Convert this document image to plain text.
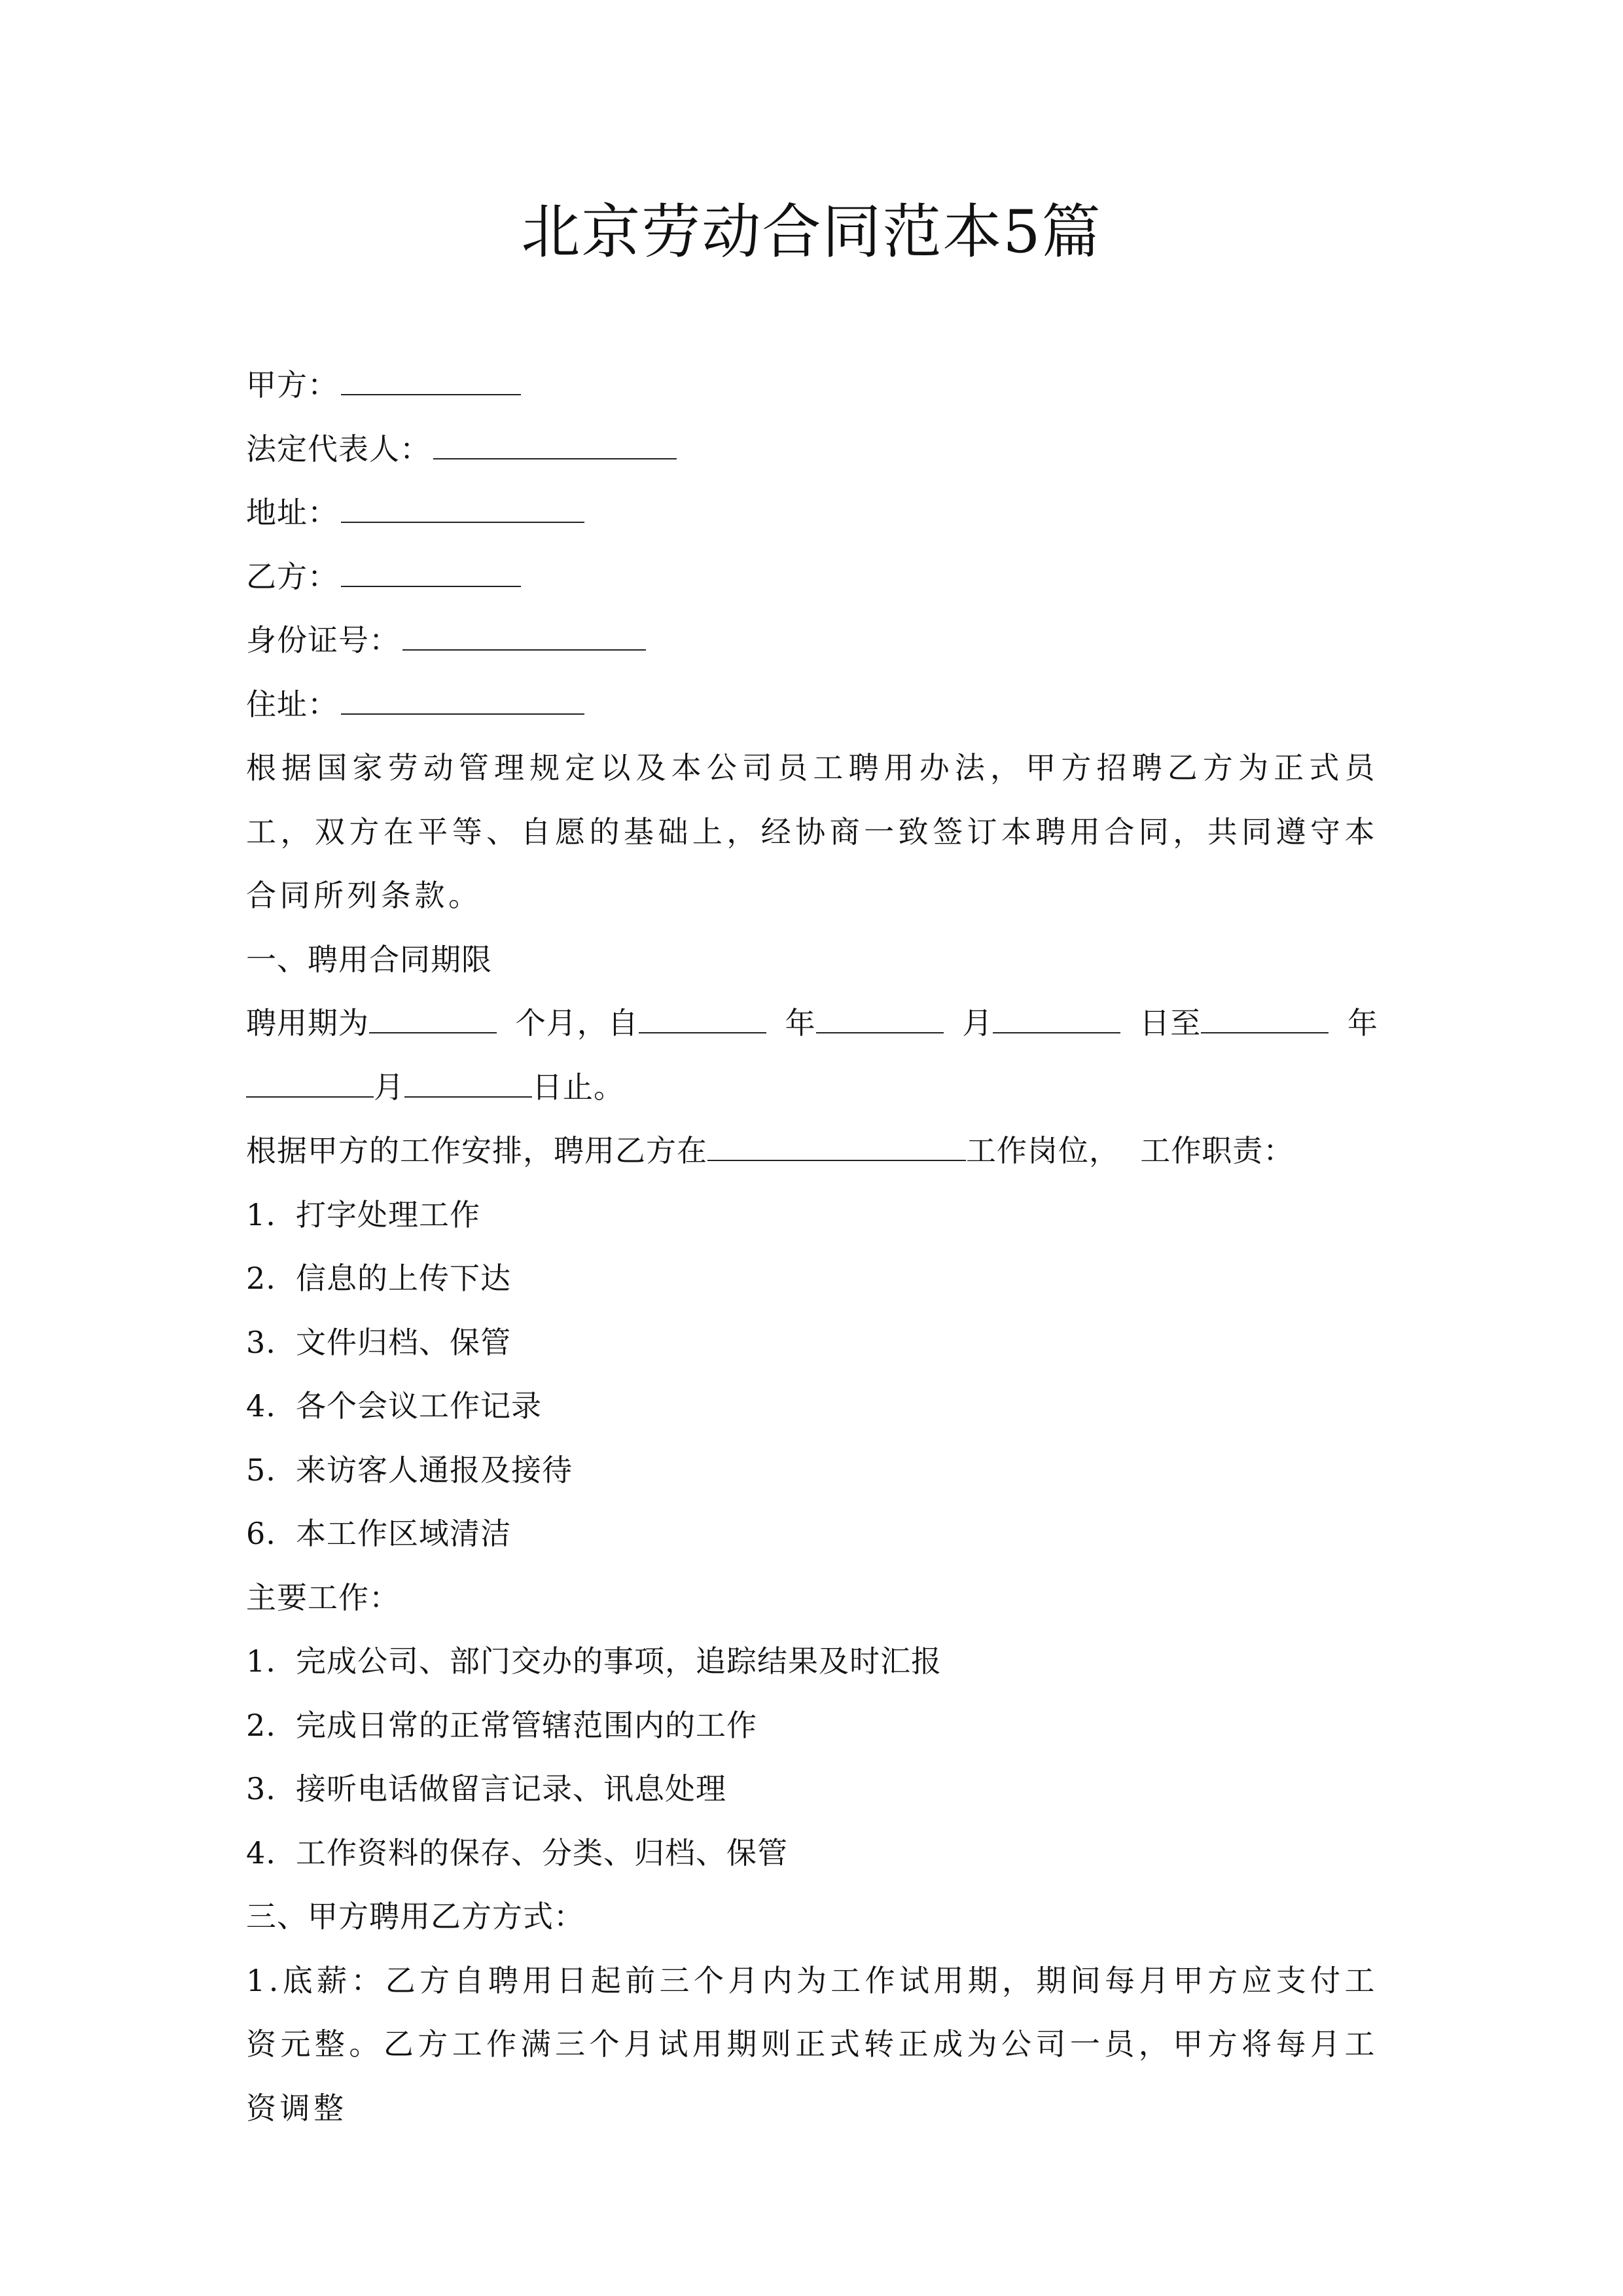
北京劳动合同范本5篇
甲方：
法定代表人：
地址：
乙方：
身份证号：
住址：
根据国家劳动管理规定以及本公司员工聘用办法，甲方招聘乙方为正式员工，双方在平等、自愿的基础上，经协商一致签订本聘用合同，共同遵守本合同所列条款。
一、聘用合同期限
聘用期为	个月，自	年	月	日至	年
月	日止。
根据甲方的工作安排，聘用乙方在	工作岗位， 工作职责：
1. 打字处理工作
2. 信息的上传下达
3. 文件归档、保管
4. 各个会议工作记录
5. 来访客人通报及接待
6. 本工作区域清洁
主要工作：
1. 完成公司、部门交办的事项，追踪结果及时汇报
2. 完成日常的正常管辖范围内的工作
3. 接听电话做留言记录、讯息处理
4. 工作资料的保存、分类、归档、保管
三、甲方聘用乙方方式：
1.底薪：乙方自聘用日起前三个月内为工作试用期，期间每月甲方应支付工资元整。乙方工作满三个月试用期则正式转正成为公司一员，甲方将每月工资调整
